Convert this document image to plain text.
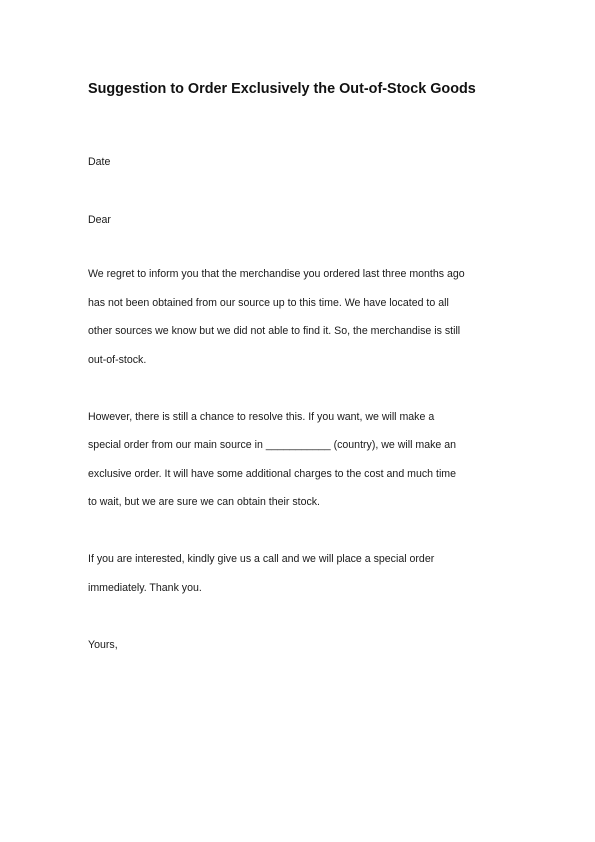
Suggestion to Order Exclusively the Out-of-Stock Goods
Date
Dear
We regret to inform you that the merchandise you ordered last three months ago
has not been obtained from our source up to this time. We have located to all
other sources we know but we did not able to find it. So, the merchandise is still
out-of-stock.
However, there is still a chance to resolve this. If you want, we will make a
special order from our main source in ___________ (country), we will make an
exclusive order. It will have some additional charges to the cost and much time
to wait, but we are sure we can obtain their stock.
If you are interested, kindly give us a call and we will place a special order
immediately. Thank you.
Yours,
